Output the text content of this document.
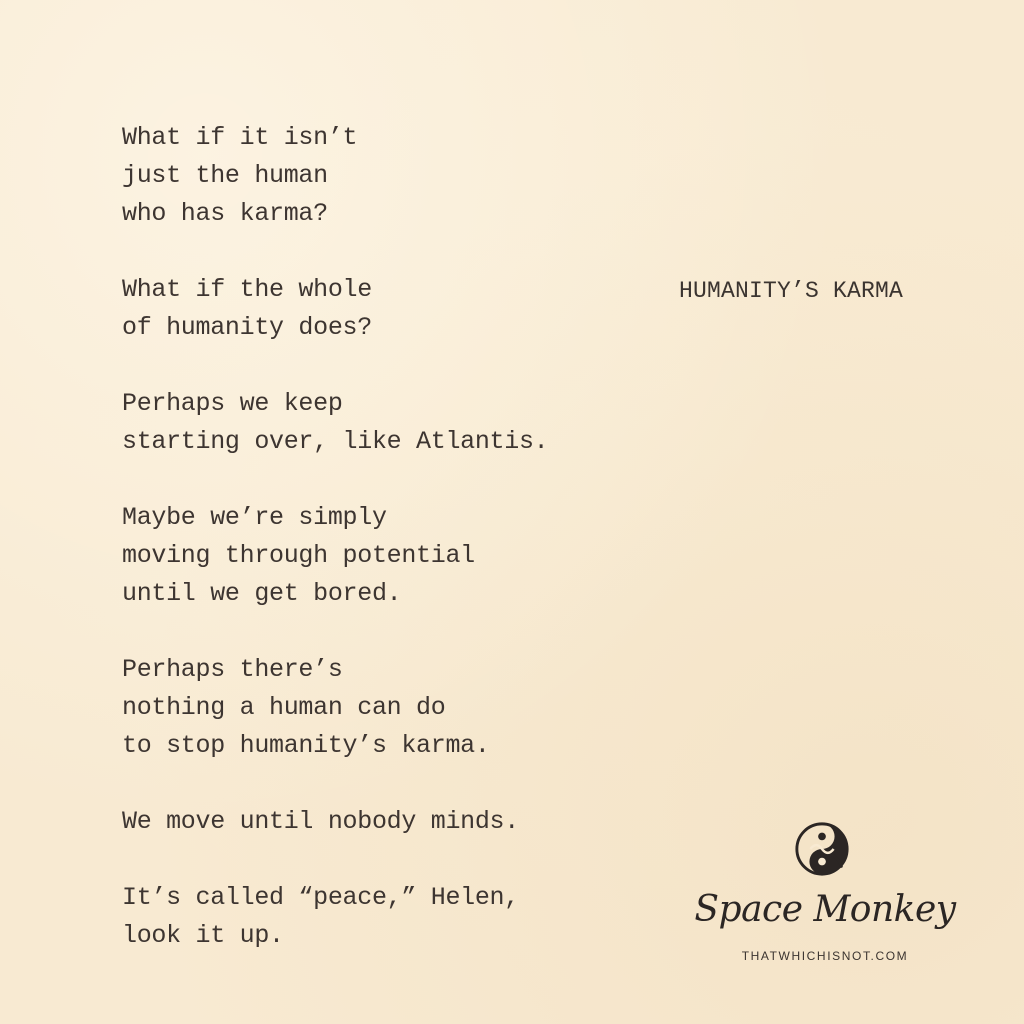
What if it isn’t
just the human
who has karma?
What if the whole
of humanity does?
Perhaps we keep
starting over, like Atlantis.
Maybe we’re simply
moving through potential
until we get bored.
Perhaps there’s
nothing a human can do
to stop humanity’s karma.
We move until nobody minds.
It’s called “peace,” Helen,
look it up.
HUMANITY’S KARMA
Space Monkey
THATWHICHISNOT.COM
